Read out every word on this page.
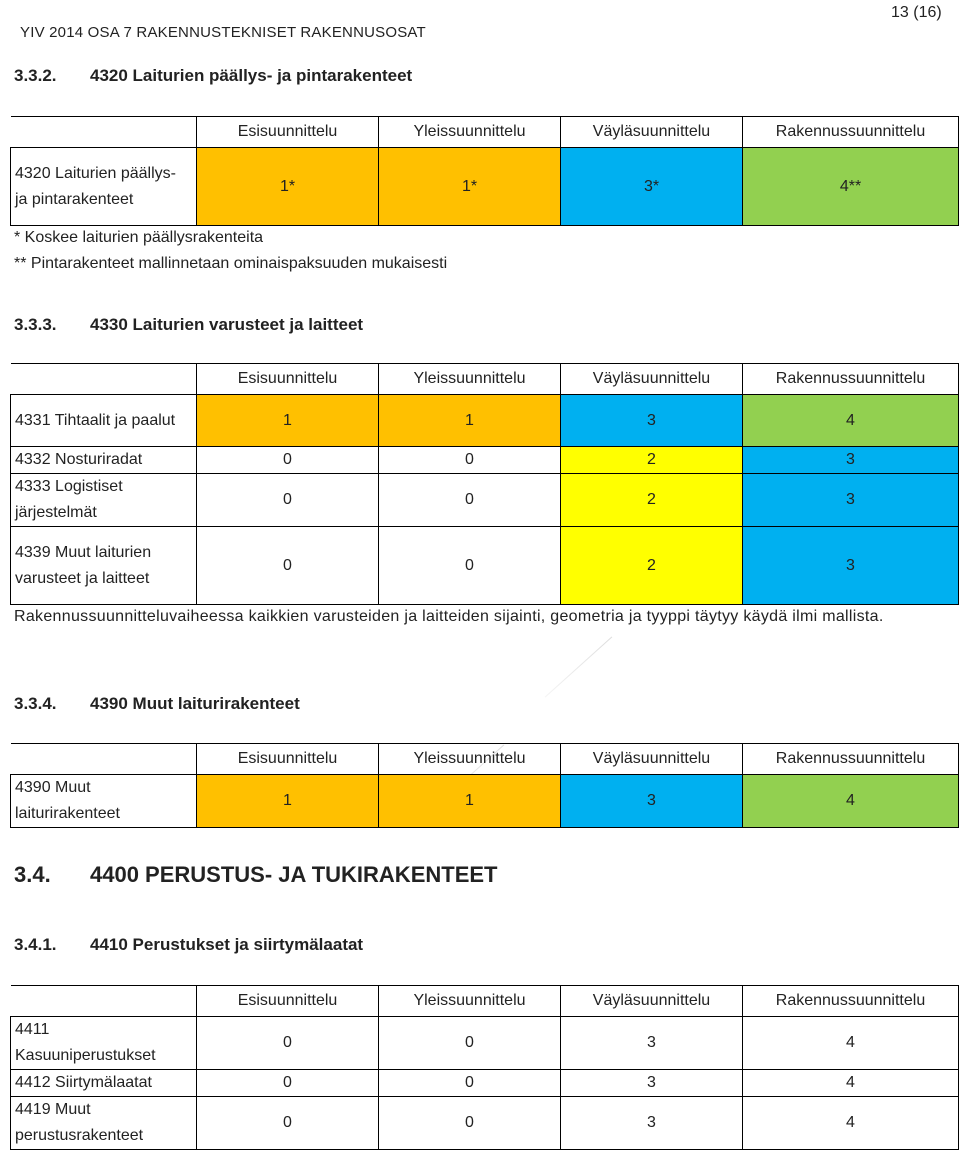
YIV 2014 OSA 7 RAKENNUSTEKNISET RAKENNUSOSAT
13 (16)
3.3.2. 4320 Laiturien päällys- ja pintarakenteet
	Esisuunnittelu	Yleissuunnittelu	Väyläsuunnittelu	Rakennussuunnittelu
4320 Laiturien päällys- ja pintarakenteet	1*	1*	3*	4**
* Koskee laiturien päällysrakenteita
** Pintarakenteet mallinnetaan ominaispaksuuden mukaisesti
3.3.3. 4330 Laiturien varusteet ja laitteet
	Esisuunnittelu	Yleissuunnittelu	Väyläsuunnittelu	Rakennussuunnittelu
4331 Tihtaalit ja paalut	1	1	3	4
4332 Nosturiradat	0	0	2	3
4333 Logistiset järjestelmät	0	0	2	3
4339 Muut laiturien varusteet ja laitteet	0	0	2	3
Rakennussuunnitteluvaiheessa kaikkien varusteiden ja laitteiden sijainti, geometria ja tyyppi täytyy käydä ilmi mallista.
3.3.4. 4390 Muut laiturirakenteet
	Esisuunnittelu	Yleissuunnittelu	Väyläsuunnittelu	Rakennussuunnittelu
4390 Muut laiturirakenteet	1	1	3	4
3.4. 4400 PERUSTUS- JA TUKIRAKENTEET
3.4.1. 4410 Perustukset ja siirtymälaatat
	Esisuunnittelu	Yleissuunnittelu	Väyläsuunnittelu	Rakennussuunnittelu
4411 Kasuuniperustukset	0	0	3	4
4412 Siirtymälaatat	0	0	3	4
4419 Muut perustusrakenteet	0	0	3	4
